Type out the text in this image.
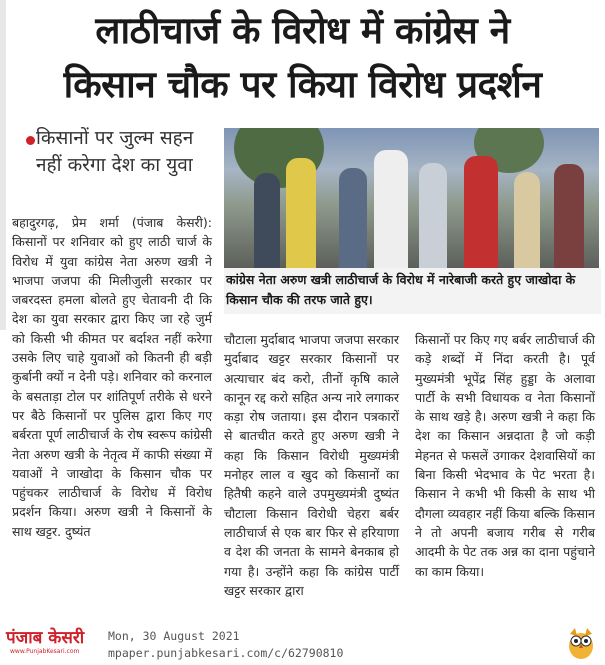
लाठीचार्ज के विरोध में कांग्रेस ने
किसान चौक पर किया विरोध प्रदर्शन
किसानों पर जुल्म सहन नहीं करेगा देश का युवा
कांग्रेस नेता अरुण खत्री लाठीचार्ज के विरोध में नारेबाजी करते हुए जाखोदा के किसान चौक की तरफ जाते हुए।
बहादुरगढ़, प्रेम शर्मा (पंजाब केसरी): किसानों पर शनिवार को हुए लाठी चार्ज के विरोध में युवा कांग्रेस नेता अरुण खत्री ने भाजपा जजपा की मिलीजुली सरकार पर जबरदस्त हमला बोलते हुए चेतावनी दी कि देश का युवा सरकार द्वारा किए जा रहे जुर्म को किसी भी कीमत पर बर्दाश्त नहीं करेगा उसके लिए चाहे युवाओं को कितनी ही बड़ी कुर्बानी क्यों न देनी पड़े। शनिवार को करनाल के बसताड़ा टोल पर शांतिपूर्ण तरीके से धरने पर बैठे किसानों पर पुलिस द्वारा किए गए बर्बरता पूर्ण लाठीचार्ज के रोष स्वरूप कांग्रेसी नेता अरुण खत्री के नेतृत्व में काफी संख्या में यवाओं ने जाखोदा के किसान चौक पर पहुंचकर लाठीचार्ज के विरोध में विरोध प्रदर्शन किया। अरुण खत्री ने किसानों के साथ खट्टर. दुष्यंत
चौटाला मुर्दाबाद भाजपा जजपा सरकार मुर्दाबाद खट्टर सरकार किसानों पर अत्याचार बंद करो, तीनों कृषि काले कानून रद्द करो सहित अन्य नारे लगाकर कड़ा रोष जताया। इस दौरान पत्रकारों से बातचीत करते हुए अरुण खत्री ने कहा कि किसान विरोधी मुख्यमंत्री मनोहर लाल व खुद को किसानों का हितैषी कहने वाले उपमुख्यमंत्री दुष्यंत चौटाला किसान विरोधी चेहरा बर्बर लाठीचार्ज से एक बार फिर से हरियाणा व देश की जनता के सामने बेनकाब हो गया है। उन्होंने कहा कि कांग्रेस पार्टी खट्टर सरकार द्वारा
किसानों पर किए गए बर्बर लाठीचार्ज की कड़े शब्दों में निंदा करती है। पूर्व मुख्यमंत्री भूपेंद्र सिंह हुड्डा के अलावा पार्टी के सभी विधायक व नेता किसानों के साथ खड़े है। अरुण खत्री ने कहा कि देश का किसान अन्नदाता है जो कड़ी मेहनत से फसलें उगाकर देशवासियों का बिना किसी भेदभाव के पेट भरता है। किसान ने कभी भी किसी के साथ भी दौगला व्यवहार नहीं किया बल्कि किसान ने तो अपनी बजाय गरीब से गरीब आदमी के पेट तक अन्न का दाना पहुंचाने का काम किया।
पंजाब केसरी
www.PunjabKesari.com
Mon, 30 August 2021
mpaper.punjabkesari.com/c/62790810
